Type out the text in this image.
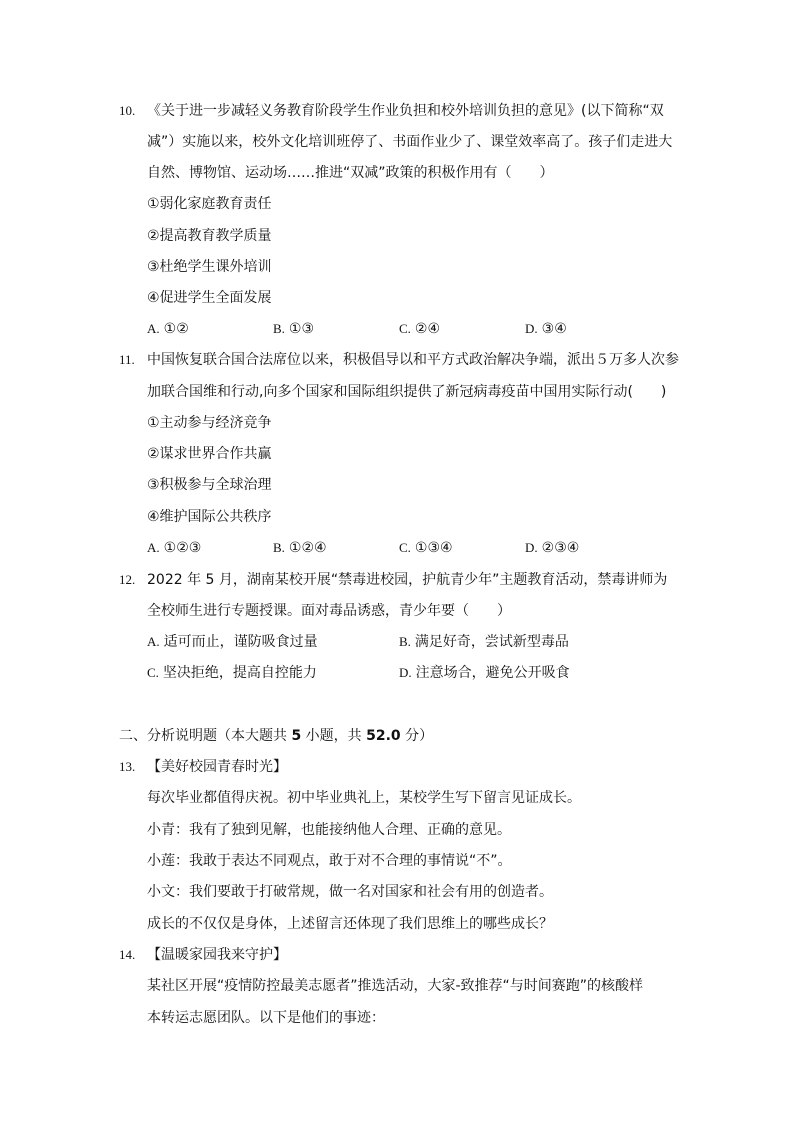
10. 《关于进一步减轻义务教育阶段学生作业负担和校外培训负担的意见》(以下简称“双
减”）实施以来，校外文化培训班停了、书面作业少了、课堂效率高了。孩子们走进大
自然、博物馆、运动场……推进“双减”政策的积极作用有（　　）
①弱化家庭教育责任
②提高教育教学质量
③杜绝学生课外培训
④促进学生全面发展
A. ①②	B. ①③	C. ②④	D. ③④
11. 中国恢复联合国合法席位以来，积极倡导以和平方式政治解决争端，派出５万多人次参
加联合国维和行动,向多个国家和国际组织提供了新冠病毒疫苗中国用实际行动(　　)
①主动参与经济竞争
②谋求世界合作共赢
③积极参与全球治理
④维护国际公共秩序
A. ①②③	B. ①②④	C. ①③④	D. ②③④
12. 2022 年 5 月，湖南某校开展“禁毒进校园，护航青少年”主题教育活动，禁毒讲师为
全校师生进行专题授课。面对毒品诱惑，青少年要（　　）
A. 适可而止，谨防吸食过量	B. 满足好奇，尝试新型毒品
C. 坚决拒绝，提高自控能力	D. 注意场合，避免公开吸食
二、分析说明题（本大题共 5 小题，共 52.0 分）
13. 【美好校园青春时光】
每次毕业都值得庆祝。初中毕业典礼上，某校学生写下留言见证成长。
小青：我有了独到见解，也能接纳他人合理、正确的意见。
小莲：我敢于表达不同观点，敢于对不合理的事情说“不”。
小文：我们要敢于打破常规，做一名对国家和社会有用的创造者。
成长的不仅仅是身体，上述留言还体现了我们思维上的哪些成长？
14. 【温暖家园我来守护】
某社区开展“疫情防控最美志愿者”推选活动，大家-致推荐“与时间赛跑”的核酸样
本转运志愿团队。以下是他们的事迹：
